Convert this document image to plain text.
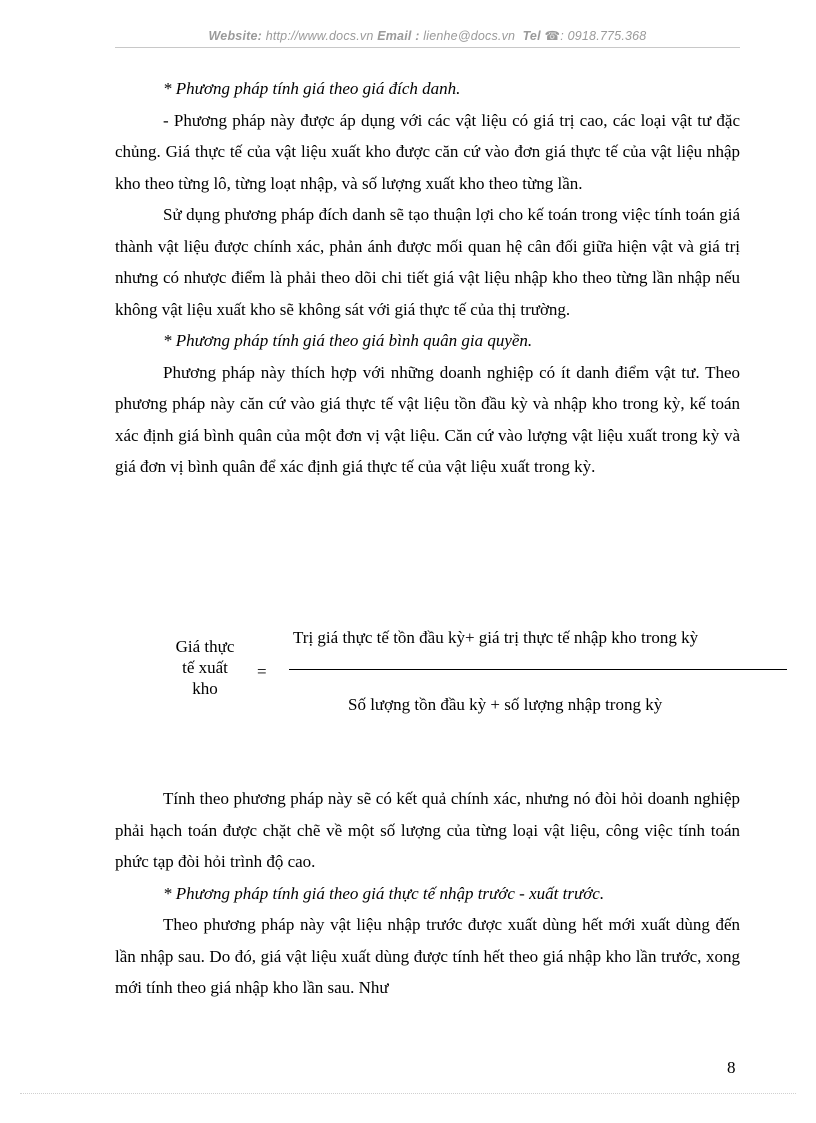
Website: http://www.docs.vn Email : lienhe@docs.vn Tel ☎: 0918.775.368

* Phương pháp tính giá theo giá đích danh.

- Phương pháp này được áp dụng với các vật liệu có giá trị cao, các loại vật tư đặc chủng. Giá thực tế của vật liệu xuất kho được căn cứ vào đơn giá thực tế của vật liệu nhập kho theo từng lô, từng loạt nhập, và số lượng xuất kho theo từng lần.

Sử dụng phương pháp đích danh sẽ tạo thuận lợi cho kế toán trong việc tính toán giá thành vật liệu được chính xác, phản ánh được mối quan hệ cân đối giữa hiện vật và giá trị nhưng có nhược điểm là phải theo dõi chi tiết giá vật liệu nhập kho theo từng lần nhập nếu không vật liệu xuất kho sẽ không sát với giá thực tế của thị trường.

* Phương pháp tính giá theo giá bình quân gia quyền.

Phương pháp này thích hợp với những doanh nghiệp có ít danh điểm vật tư. Theo phương pháp này căn cứ vào giá thực tế vật liệu tồn đầu kỳ và nhập kho trong kỳ, kế toán xác định giá bình quân của một đơn vị vật liệu. Căn cứ vào lượng vật liệu xuất trong kỳ và giá đơn vị bình quân để xác định giá thực tế của vật liệu xuất trong kỳ.

Giá thực
tế xuất
kho
=
Trị giá thực tế tồn đầu kỳ+ giá trị thực tế nhập kho trong kỳ
Số lượng tồn đầu kỳ + số lượng nhập trong kỳ

Tính theo phương pháp này sẽ có kết quả chính xác, nhưng nó đòi hỏi doanh nghiệp phải hạch toán được chặt chẽ về một số lượng của từng loại vật liệu, công việc tính toán phức tạp đòi hỏi trình độ cao.

* Phương pháp tính giá theo giá thực tế nhập trước - xuất trước.

Theo phương pháp này vật liệu nhập trước được xuất dùng hết mới xuất dùng đến lần nhập sau. Do đó, giá vật liệu xuất dùng được tính hết theo giá nhập kho lần trước, xong mới tính theo giá nhập kho lần sau. Như

8
